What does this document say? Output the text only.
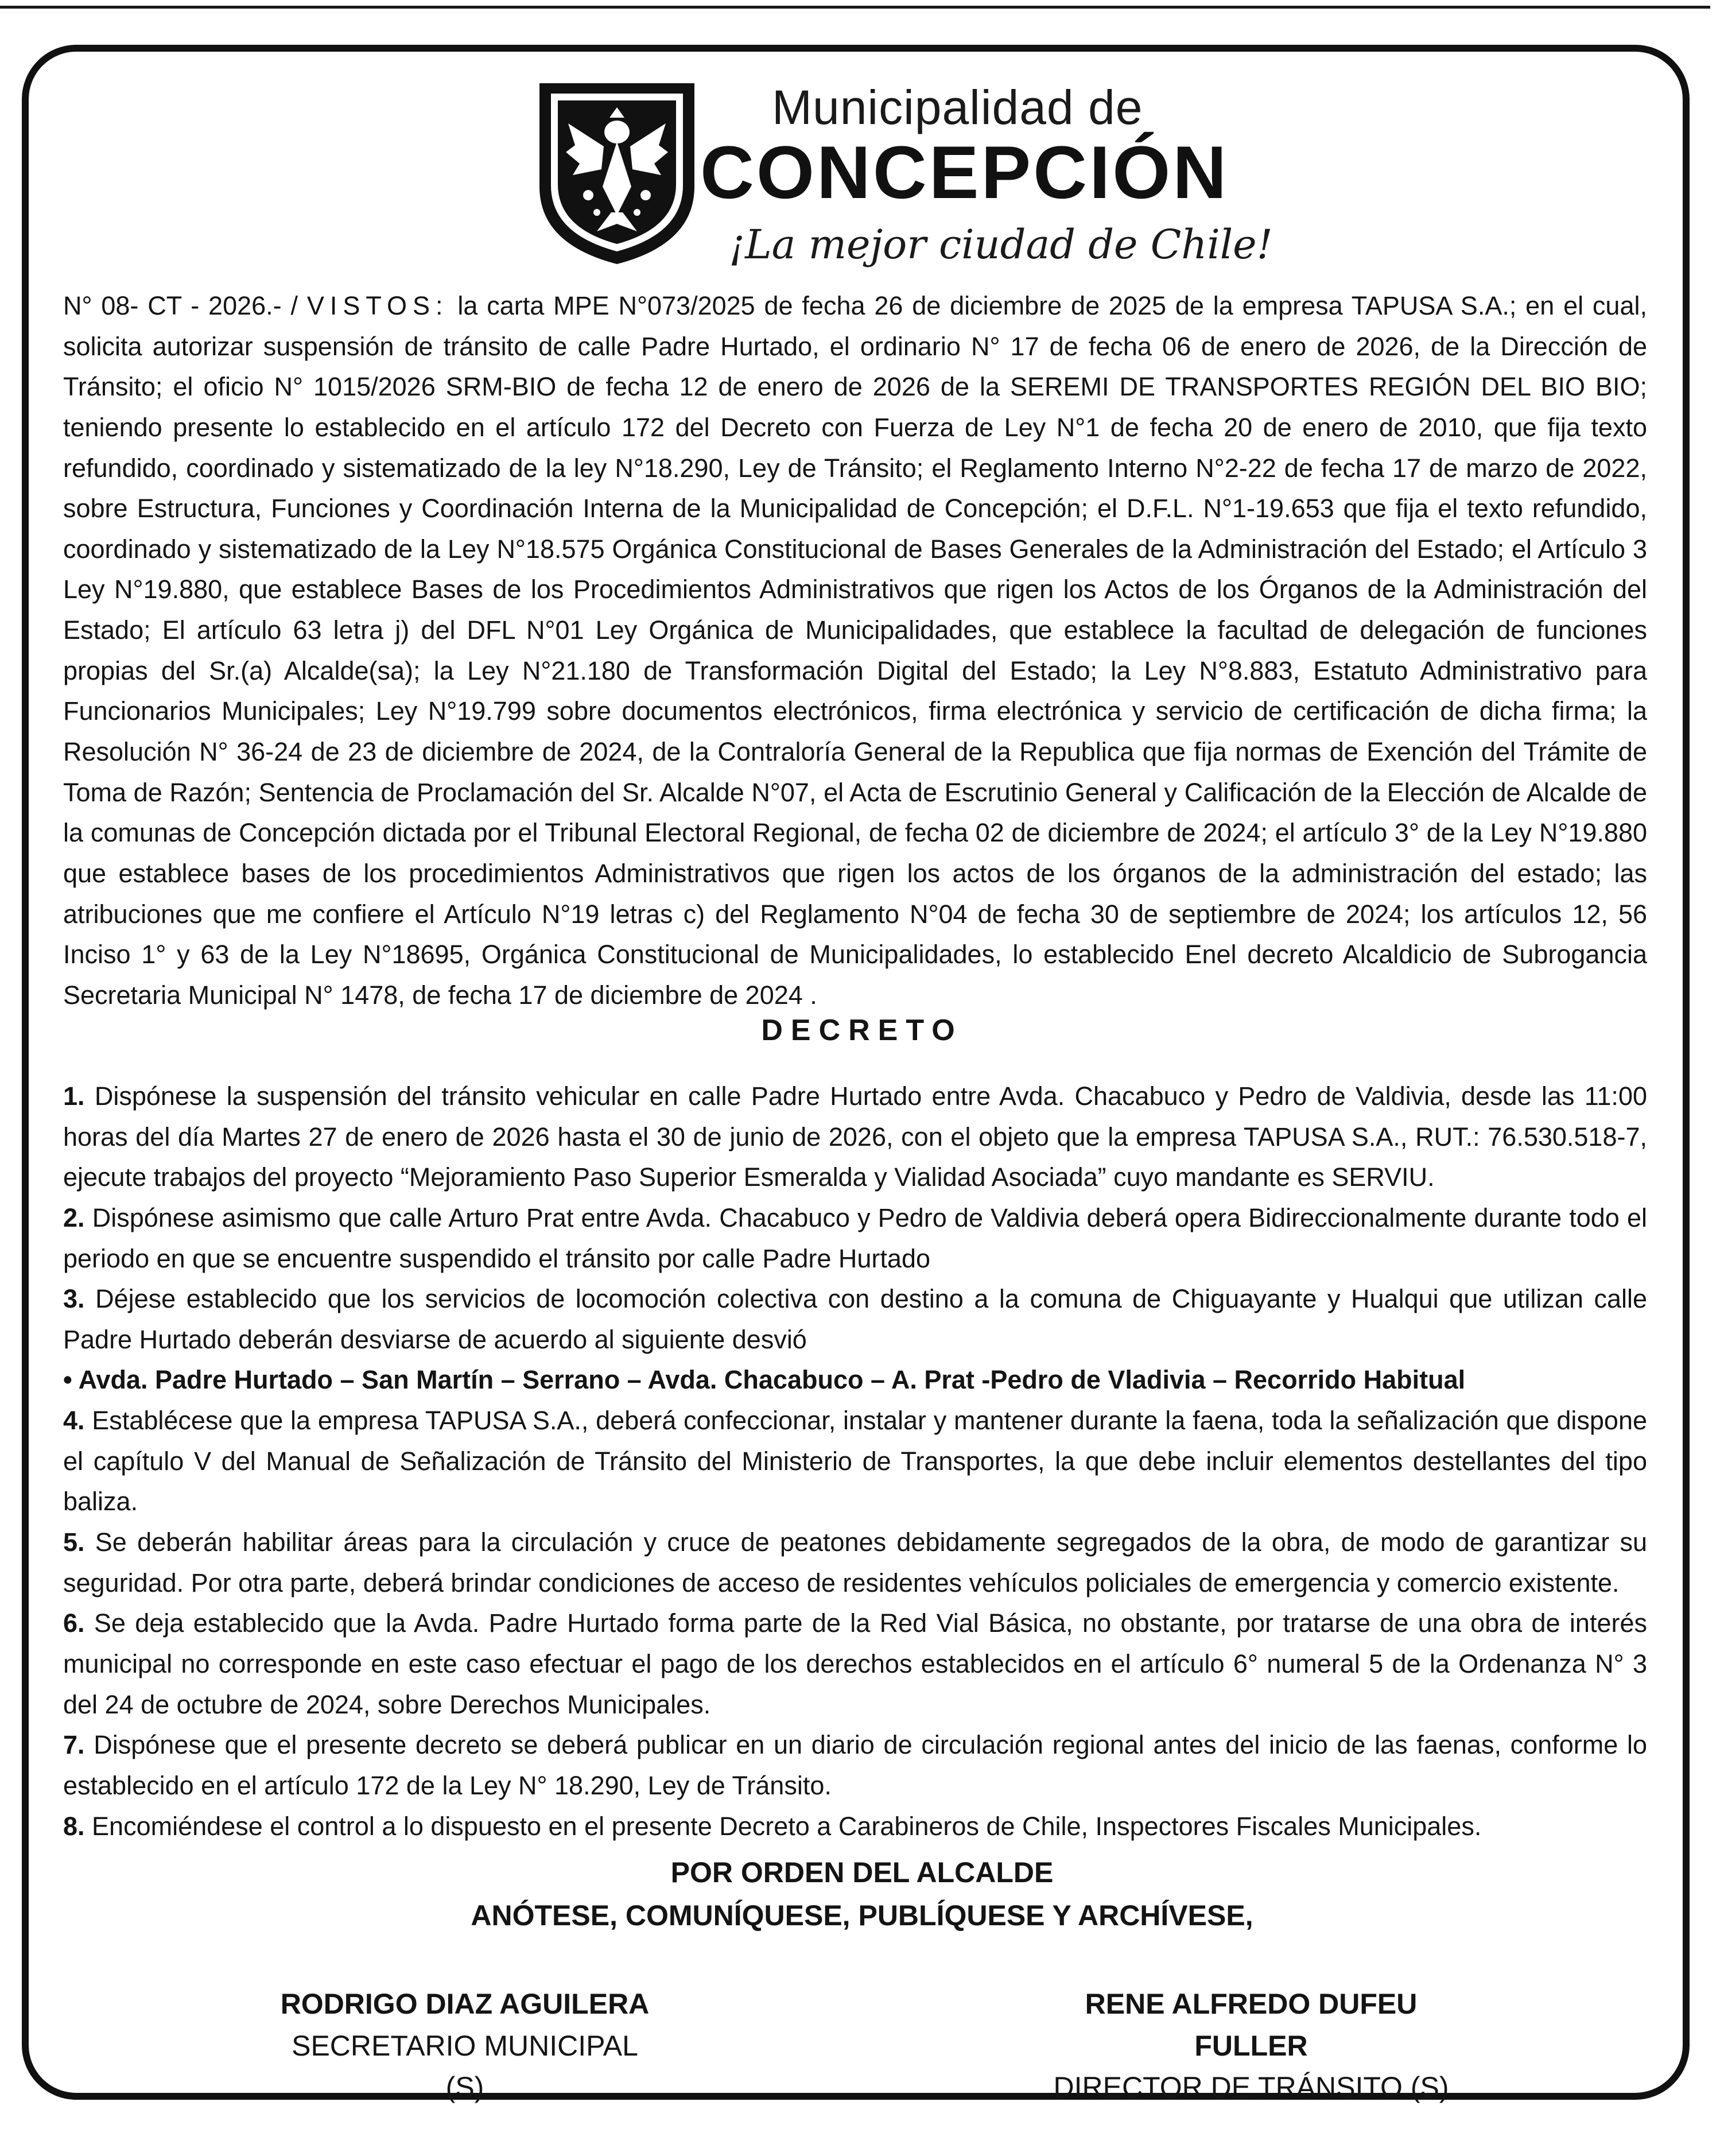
Municipalidad de
CONCEPCIÓN
¡La mejor ciudad de Chile!
N° 08- CT - 2026.- / VISTOS: la carta MPE N°073/2025 de fecha 26 de diciembre de 2025 de la empresa TAPUSA S.A.; en el cual, solicita autorizar suspensión de tránsito de calle Padre Hurtado, el ordinario N° 17 de fecha 06 de enero de 2026, de la Dirección de Tránsito; el oficio N° 1015/2026 SRM-BIO de fecha 12 de enero de 2026 de la SEREMI DE TRANSPORTES REGIÓN DEL BIO BIO; teniendo presente lo establecido en el artículo 172 del Decreto con Fuerza de Ley N°1 de fecha 20 de enero de 2010, que fija texto refundido, coordinado y sistematizado de la ley N°18.290, Ley de Tránsito; el Reglamento Interno N°2-22 de fecha 17 de marzo de 2022, sobre Estructura, Funciones y Coordinación Interna de la Municipalidad de Concepción; el D.F.L. N°1-19.653 que fija el texto refundido, coordinado y sistematizado de la Ley N°18.575 Orgánica Constitucional de Bases Generales de la Administración del Estado; el Artículo 3 Ley N°19.880, que establece Bases de los Procedimientos Administrativos que rigen los Actos de los Órganos de la Administración del Estado; El artículo 63 letra j) del DFL N°01 Ley Orgánica de Municipalidades, que establece la facultad de delegación de funciones propias del Sr.(a) Alcalde(sa); la Ley N°21.180 de Transformación Digital del Estado; la Ley N°8.883, Estatuto Administrativo para Funcionarios Municipales; Ley N°19.799 sobre documentos electrónicos, firma electrónica y servicio de certificación de dicha firma; la Resolución N° 36-24 de 23 de diciembre de 2024, de la Contraloría General de la Republica que fija normas de Exención del Trámite de Toma de Razón; Sentencia de Proclamación del Sr. Alcalde N°07, el Acta de Escrutinio General y Calificación de la Elección de Alcalde de la comunas de Concepción dictada por el Tribunal Electoral Regional, de fecha 02 de diciembre de 2024; el artículo 3° de la Ley N°19.880 que establece bases de los procedimientos Administrativos que rigen los actos de los órganos de la administración del estado; las atribuciones que me confiere el Artículo N°19 letras c) del Reglamento N°04 de fecha 30 de septiembre de 2024; los artículos 12, 56 Inciso 1° y 63 de la Ley N°18695, Orgánica Constitucional de Municipalidades, lo establecido Enel decreto Alcaldicio de Subrogancia Secretaria Municipal N° 1478, de fecha 17 de diciembre de 2024 .
DECRETO

1. Dispónese la suspensión del tránsito vehicular en calle Padre Hurtado entre Avda. Chacabuco y Pedro de Valdivia, desde las 11:00 horas del día Martes 27 de enero de 2026 hasta el 30 de junio de 2026, con el objeto que la empresa TAPUSA S.A., RUT.: 76.530.518-7, ejecute trabajos del proyecto “Mejoramiento Paso Superior Esmeralda y Vialidad Asociada” cuyo mandante es SERVIU.

2. Dispónese asimismo que calle Arturo Prat entre Avda. Chacabuco y Pedro de Valdivia deberá opera Bidireccionalmente durante todo el periodo en que se encuentre suspendido el tránsito por calle Padre Hurtado

3. Déjese establecido que los servicios de locomoción colectiva con destino a la comuna de Chiguayante y Hualqui que utilizan calle Padre Hurtado deberán desviarse de acuerdo al siguiente desvió

• Avda. Padre Hurtado – San Martín – Serrano – Avda. Chacabuco – A. Prat -Pedro de Vladivia – Recorrido Habitual

4. Establécese que la empresa TAPUSA S.A., deberá confeccionar, instalar y mantener durante la faena, toda la señalización que dispone el capítulo V del Manual de Señalización de Tránsito del Ministerio de Transportes, la que debe incluir elementos destellantes del tipo baliza.

5. Se deberán habilitar áreas para la circulación y cruce de peatones debidamente segregados de la obra, de modo de garantizar su seguridad. Por otra parte, deberá brindar condiciones de acceso de residentes vehículos policiales de emergencia y comercio existente.

6. Se deja establecido que la Avda. Padre Hurtado forma parte de la Red Vial Básica, no obstante, por tratarse de una obra de interés municipal no corresponde en este caso efectuar el pago de los derechos establecidos en el artículo 6° numeral 5 de la Ordenanza N° 3 del 24 de octubre de 2024, sobre Derechos Municipales.

7. Dispónese que el presente decreto se deberá publicar en un diario de circulación regional antes del inicio de las faenas, conforme lo establecido en el artículo 172 de la Ley N° 18.290, Ley de Tránsito.

8. Encomiéndese el control a lo dispuesto en el presente Decreto a Carabineros de Chile, Inspectores Fiscales Municipales.

POR ORDEN DEL ALCALDE
ANÓTESE, COMUNÍQUESE, PUBLÍQUESE Y ARCHÍVESE,
RODRIGO DIAZ AGUILERA
SECRETARIO MUNICIPAL (S)
RENE ALFREDO DUFEU FULLER
DIRECTOR DE TRÁNSITO (S)
